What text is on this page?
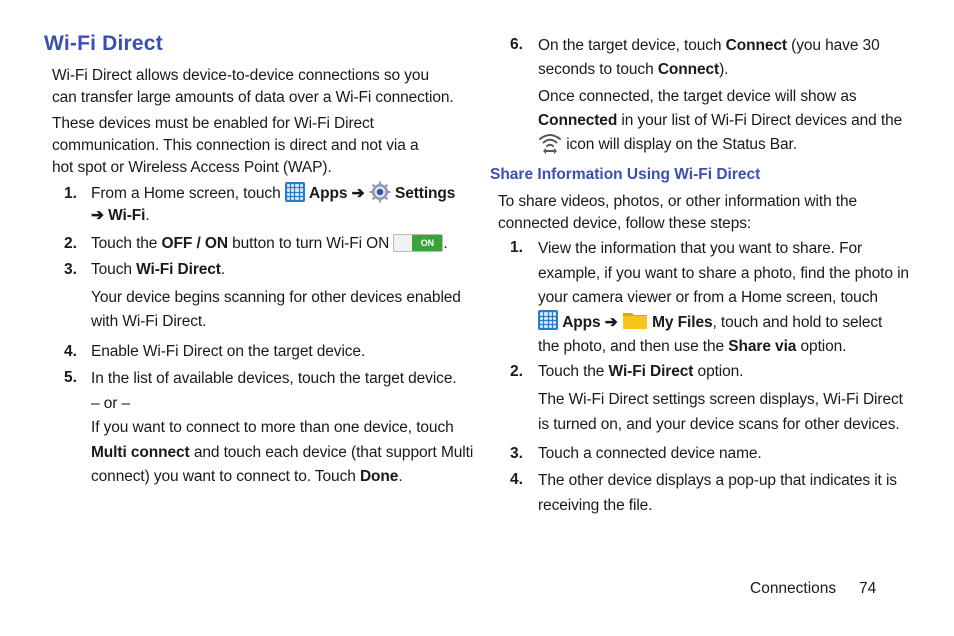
Wi-Fi Direct
Wi-Fi Direct allows device-to-device connections so you
can transfer large amounts of data over a Wi-Fi connection.
These devices must be enabled for Wi-Fi Direct
communication. This connection is direct and not via a
hot spot or Wireless Access Point (WAP).
1. From a Home screen, touch Apps ➔ Settings
➔ Wi-Fi.
2. Touch the OFF / ON button to turn Wi-Fi ON	ON .
3. Touch Wi-Fi Direct.
Your device begins scanning for other devices enabled
with Wi-Fi Direct.
4. Enable Wi-Fi Direct on the target device.
5. In the list of available devices, touch the target device.
– or –
If you want to connect to more than one device, touch
Multi connect and touch each device (that support Multi
connect) you want to connect to. Touch Done.
6. On the target device, touch Connect (you have 30
seconds to touch Connect).
Once connected, the target device will show as
Connected in your list of Wi-Fi Direct devices and the
icon will display on the Status Bar.
Share Information Using Wi-Fi Direct
To share videos, photos, or other information with the
connected device, follow these steps:
1. View the information that you want to share. For
example, if you want to share a photo, find the photo in
your camera viewer or from a Home screen, touch
Apps ➔ My Files, touch and hold to select
the photo, and then use the Share via option.
2. Touch the Wi-Fi Direct option.
The Wi-Fi Direct settings screen displays, Wi-Fi Direct
is turned on, and your device scans for other devices.
3. Touch a connected device name.
4. The other device displays a pop-up that indicates it is
receiving the file.
Connections 74
